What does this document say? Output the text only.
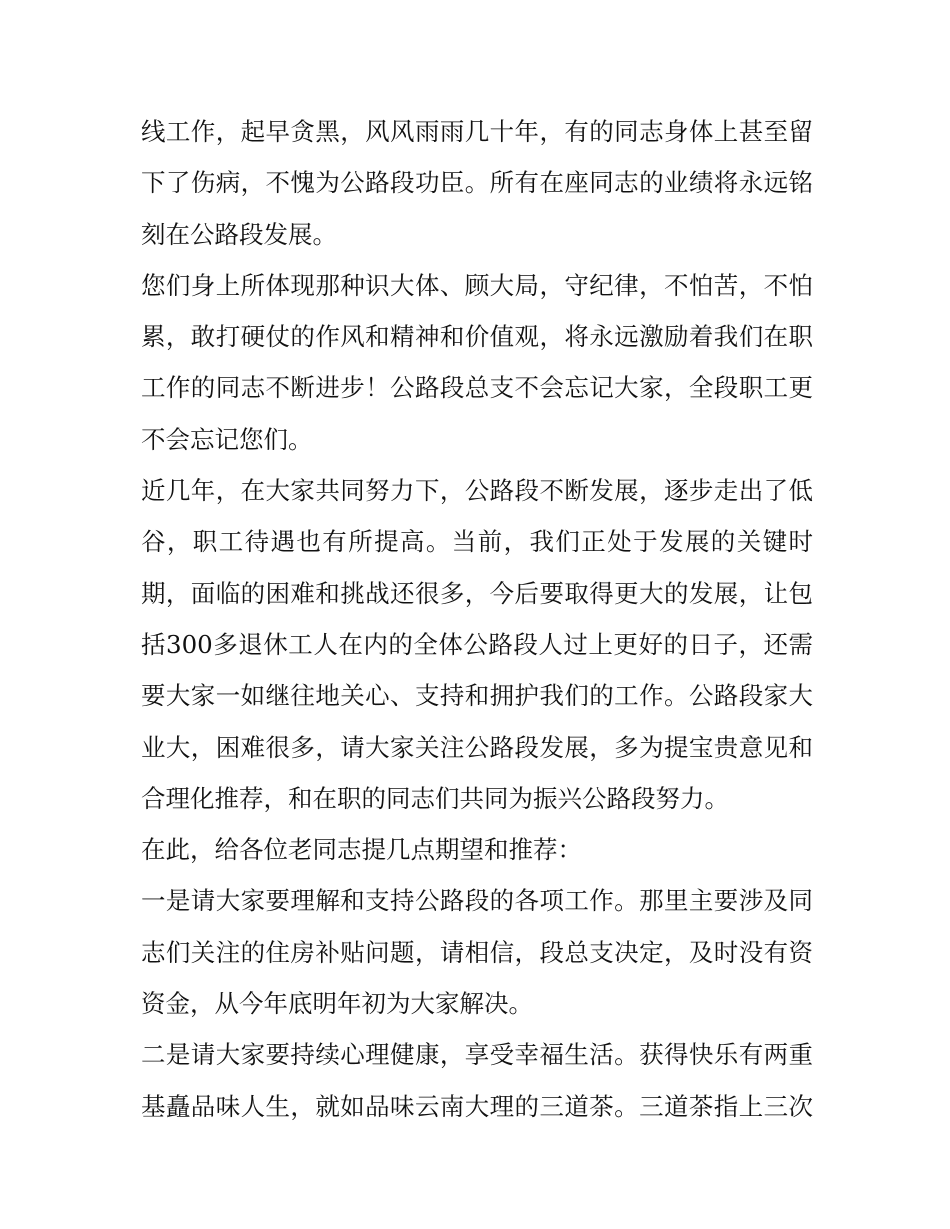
线工作，起早贪黑，风风雨雨几十年，有的同志身体上甚至留
下了伤病，不愧为公路段功臣。所有在座同志的业绩将永远铭
刻在公路段发展。
您们身上所体现那种识大体、顾大局，守纪律，不怕苦，不怕
累，敢打硬仗的作风和精神和价值观，将永远激励着我们在职
工作的同志不断进步！公路段总支不会忘记大家，全段职工更
不会忘记您们。
近几年，在大家共同努力下，公路段不断发展，逐步走出了低
谷，职工待遇也有所提高。当前，我们正处于发展的关键时
期，面临的困难和挑战还很多，今后要取得更大的发展，让包
括300多退休工人在内的全体公路段人过上更好的日子，还需
要大家一如继往地关心、支持和拥护我们的工作。公路段家大
业大，困难很多，请大家关注公路段发展，多为提宝贵意见和
合理化推荐，和在职的同志们共同为振兴公路段努力。
在此，给各位老同志提几点期望和推荐：
一是请大家要理解和支持公路段的各项工作。那里主要涉及同
志们关注的住房补贴问题，请相信，段总支决定，及时没有资
资金，从今年底明年初为大家解决。
二是请大家要持续心理健康，享受幸福生活。获得快乐有两重
基矗品味人生，就如品味云南大理的三道茶。三道茶指上三次
